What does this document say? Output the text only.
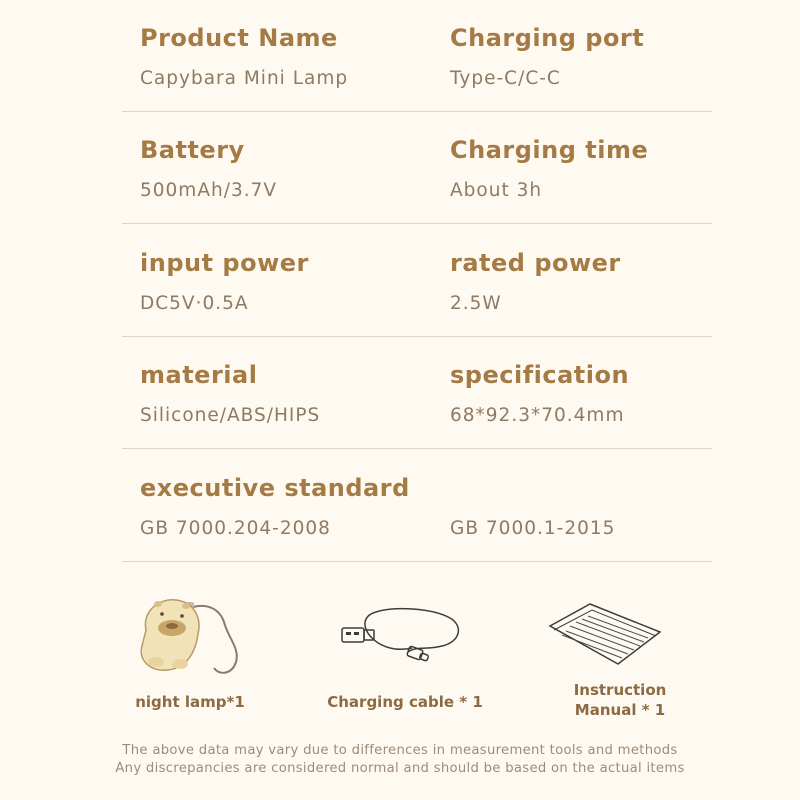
Product Name
Capybara Mini Lamp
Charging port
Type-C/C-C
Battery
500mAh/3.7V
Charging time
About 3h
input power
DC5V·0.5A
rated power
2.5W
material
Silicone/ABS/HIPS
specification
68*92.3*70.4mm
executive standard
GB 7000.204-2008	GB 7000.1-2015
night lamp*1	Charging cable * 1
Instruction
Manual * 1
The above data may vary due to differences in measurement tools and methods
Any discrepancies are considered normal and should be based on the actual items
